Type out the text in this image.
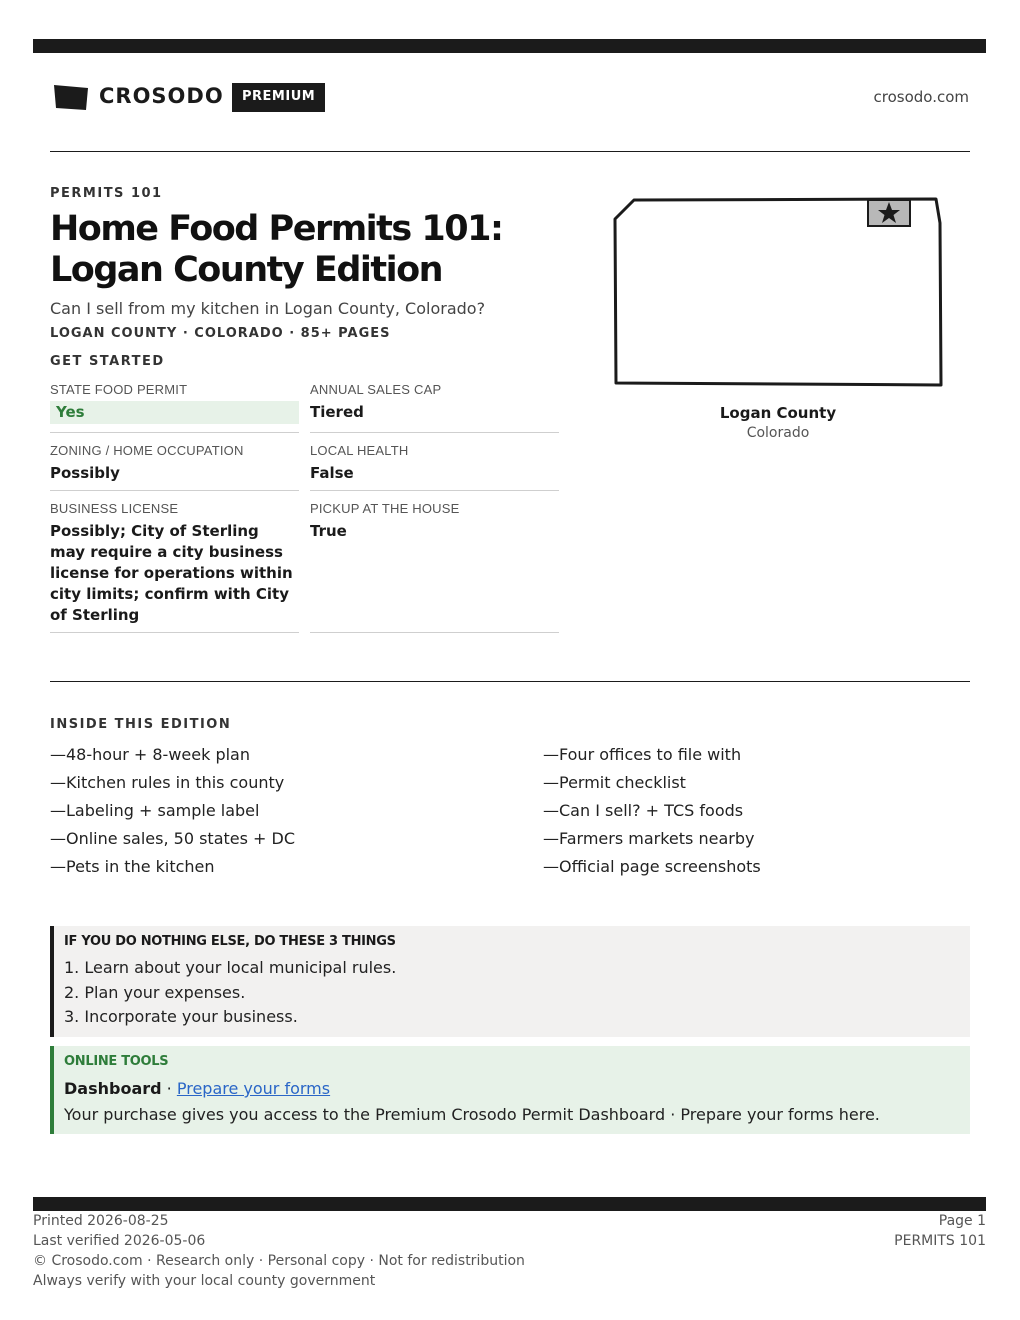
CROSODO	PREMIUM	crosodo.com
PERMITS 101
Home Food Permits 101: Logan County Edition
Can I sell from my kitchen in Logan County, Colorado?
LOGAN COUNTY · COLORADO · 85+ PAGES
GET STARTED
STATE FOOD PERMIT
Yes
ANNUAL SALES CAP
Tiered
ZONING / HOME OCCUPATION
Possibly
LOCAL HEALTH
False
BUSINESS LICENSE
Possibly; City of Sterling may require a city business license for operations within city limits; confirm with City of Sterling
PICKUP AT THE HOUSE
True
Logan County
Colorado
INSIDE THIS EDITION
—48-hour + 8-week plan
—Kitchen rules in this county
—Labeling + sample label
—Online sales, 50 states + DC
—Pets in the kitchen
—Four offices to file with
—Permit checklist
—Can I sell? + TCS foods
—Farmers markets nearby
—Official page screenshots
IF YOU DO NOTHING ELSE, DO THESE 3 THINGS
1. Learn about your local municipal rules.
2. Plan your expenses.
3. Incorporate your business.
ONLINE TOOLS
Dashboard · Prepare your forms
Your purchase gives you access to the Premium Crosodo Permit Dashboard · Prepare your forms here.
Printed 2026-08-25
Last verified 2026-05-06
© Crosodo.com · Research only · Personal copy · Not for redistribution
Always verify with your local county government
Page 1
PERMITS 101
